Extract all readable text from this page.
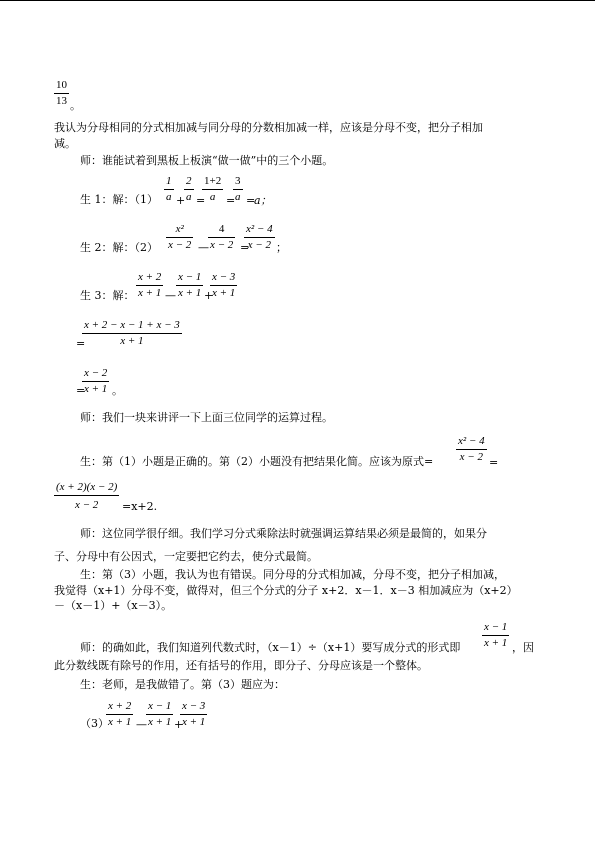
$\frac{10}{13}$ 。
我认为分母相同的分式相加减与同分母的分数相加减一样，应该是分母不变，把分子相加
减。
师：谁能试着到黑板上板演“做一做”中的三个小题。
生 1：解：$(1) \frac{1}{a}$ +
$\frac{2}{a}$ =
$\frac{1+2}{a}$ =
$\frac{3}{a}$ =
a；
生 2：解：$(2) \frac{\text{x²}}{x - 2}$ — $\frac{4}{x - 2}$ =
$\frac{\text{x² − 4}}{x - 2}$ ；
生 3：解： $\frac{x + 2}{x + 1}$ — $\frac{x - 1}{x + 1}$ +
$\frac{x - 3}{x + 1}$
=
$\frac{x + 2 - x - 1 + x - 3}{x + 1}$
=
$\frac{x - 2}{x + 1}$ 。
师：我们一块来讲评一下上面三位同学的运算过程。
生：第（1）小题是正确的。第（2）小题没有把结果化简。应该为原式= $\frac{\text{x² − 4}}{x - 2}$ =
$\frac{(x + 2)(x - 2)}{x - 2} =x+2$.
师：这位同学很仔细。我们学习分式乘除法时就强调运算结果必须是最简的，如果分
子、分母中有公因式，一定要把它约去，使分式最简。
生：第（3）小题，我认为也有错误。同分母的分式相加减，分母不变，把分子相加减，
我觉得（x+1）分母不变，做得对，但三个分式的分子 x+2．x－1．x－3 相加减应为（x+2）
－（x－1）+（x－3）。
师：的确如此，我们知道列代数式时，（x－1）÷（x+1）要写成分式的形式即 $\frac{x - 1}{x + 1}$ ，因
此分数线既有除号的作用，还有括号的作用，即分子、分母应该是一个整体。
生：老师，是我做错了。第（3）题应为：
（3）
$\frac{x + 2}{x + 1}$ — $\frac{x - 1}{x + 1}$ +
$\frac{x - 3}{x + 1}$
